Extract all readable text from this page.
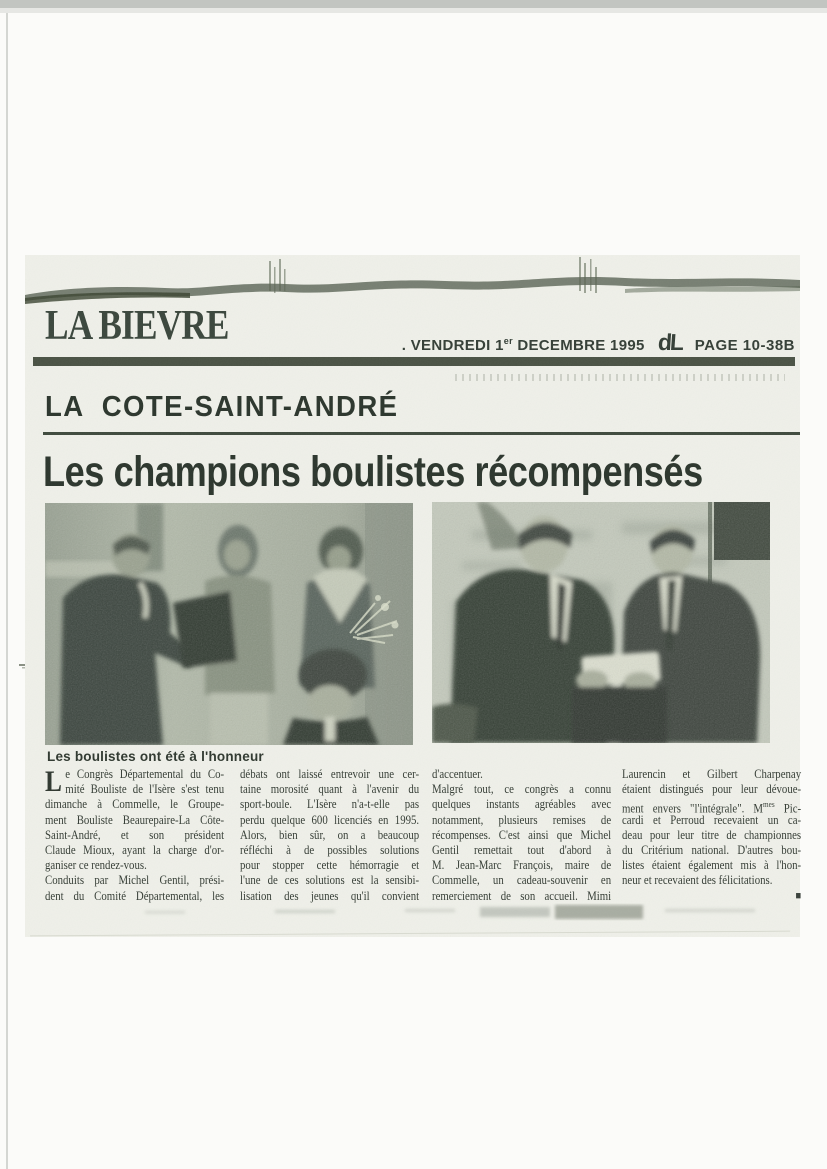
LA BIEVRE	. VENDREDI 1er DECEMBRE 1995 dL PAGE 10-38B
LA  COTE-SAINT-ANDRÉ
Les champions boulistes récompensés
Les boulistes ont été à l'honneur
L e Congrès Départemental du Co-
mité Bouliste de l'Isère s'est tenu
dimanche à Commelle, le Groupe-
ment Bouliste Beaurepaire-La Côte-
Saint-André, et son président
Claude Mioux, ayant la charge d'or-
ganiser ce rendez-vous.
Conduits par Michel Gentil, prési-
dent du Comité Départemental, les
débats ont laissé entrevoir une cer-
taine morosité quant à l'avenir du
sport-boule. L'Isère n'a-t-elle pas
perdu quelque 600 licenciés en 1995.
Alors, bien sûr, on a beaucoup
réfléchi à de possibles solutions
pour stopper cette hémorragie et
l'une de ces solutions est la sensibi-
lisation des jeunes qu'il convient
d'accentuer.
Malgré tout, ce congrès a connu
quelques instants agréables avec
notamment, plusieurs remises de
récompenses. C'est ainsi que Michel
Gentil remettait tout d'abord à
M. Jean-Marc François, maire de
Commelle, un cadeau-souvenir en
remerciement de son accueil. Mimi
Laurencin et Gilbert Charpenay
étaient distingués pour leur dévoue-
ment envers "l'intégrale". $M^{mes}$ Pic-
cardi et Perroud recevaient un ca-
deau pour leur titre de championnes
du Critérium national. D'autres bou-
listes étaient également mis à l'hon-
neur et recevaient des félicitations.
■
